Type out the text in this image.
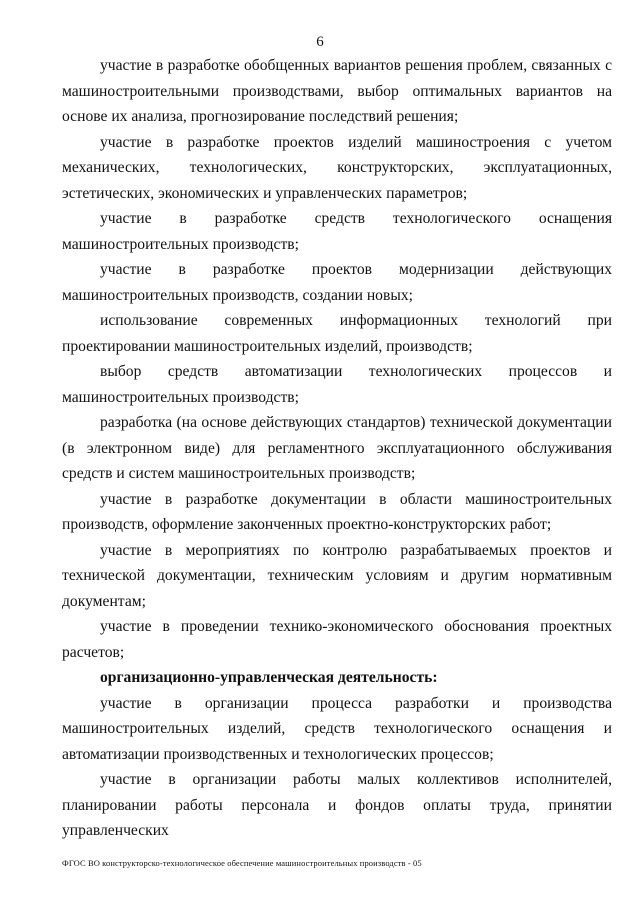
6

участие в разработке обобщенных вариантов решения проблем, связанных с машиностроительными производствами, выбор оптимальных вариантов на основе их анализа, прогнозирование последствий решения;

участие в разработке проектов изделий машиностроения с учетом механических, технологических, конструкторских, эксплуатационных, эстетических, экономических и управленческих параметров;

участие в разработке средств технологического оснащения машиностроительных производств;

участие в разработке проектов модернизации действующих машиностроительных производств, создании новых;

использование современных информационных технологий при проектировании машиностроительных изделий, производств;

выбор средств автоматизации технологических процессов и машиностроительных производств;

разработка (на основе действующих стандартов) технической документации (в электронном виде) для регламентного эксплуатационного обслуживания средств и систем машиностроительных производств;

участие в разработке документации в области машиностроительных производств, оформление законченных проектно-конструкторских работ;

участие в мероприятиях по контролю разрабатываемых проектов и технической документации, техническим условиям и другим нормативным документам;

участие в проведении технико-экономического обоснования проектных расчетов;

организационно-управленческая деятельность:

участие в организации процесса разработки и производства машиностроительных изделий, средств технологического оснащения и автоматизации производственных и технологических процессов;

участие в организации работы малых коллективов исполнителей, планировании работы персонала и фондов оплаты труда, принятии управленческих

ФГОС ВО конструкторско-технологическое обеспечение машиностроительных производств - 05
